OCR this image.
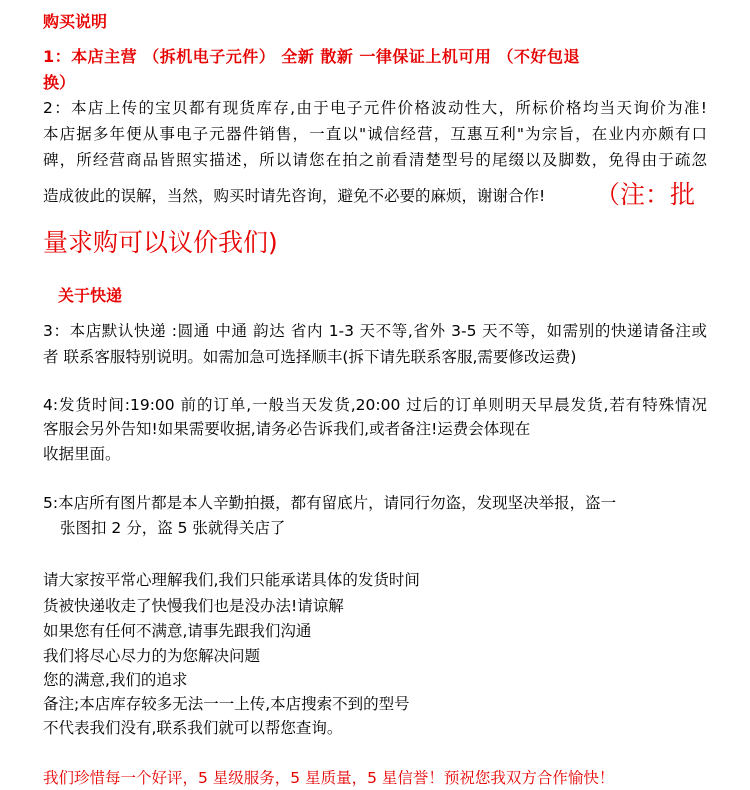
购买说明
1：本店主营 （拆机电子元件） 全新 散新 一律保证上机可用 （不好包退
换）
2：本店上传的宝贝都有现货库存,由于电子元件价格波动性大，所标价格均当天询价为准!
本店据多年便从事电子元器件销售，一直以"诚信经营，互惠互利"为宗旨，在业内亦颇有口
碑，所经营商品皆照实描述，所以请您在拍之前看清楚型号的尾缀以及脚数，免得由于疏忽
造成彼此的误解，当然，购买时请先咨询，避免不必要的麻烦，谢谢合作! （注：批
量求购可以议价我们)
关于快递
3：本店默认快递 :圆通 中通 韵达 省内 1-3 天不等,省外 3-5 天不等，如需别的快递请备注或
者 联系客服特别说明。如需加急可选择顺丰(拆下请先联系客服,需要修改运费)
4:发货时间:19:00 前的订单,一般当天发货,20:00 过后的订单则明天早晨发货,若有特殊情况
客服会另外告知!如果需要收据,请务必告诉我们,或者备注!运费会体现在
收据里面。
5:本店所有图片都是本人辛勤拍摄，都有留底片，请同行勿盗，发现坚决举报，盗一
张图扣 2 分，盗 5 张就得关店了
请大家按平常心理解我们,我们只能承诺具体的发货时间
货被快递收走了快慢我们也是没办法!请谅解
如果您有任何不满意,请事先跟我们沟通
我们将尽心尽力的为您解决问题
您的满意,我们的追求
备注;本店库存较多无法一一上传,本店搜索不到的型号
不代表我们没有,联系我们就可以帮您查询。
我们珍惜每一个好评，5 星级服务，5 星质量，5 星信誉！预祝您我双方合作愉快！
